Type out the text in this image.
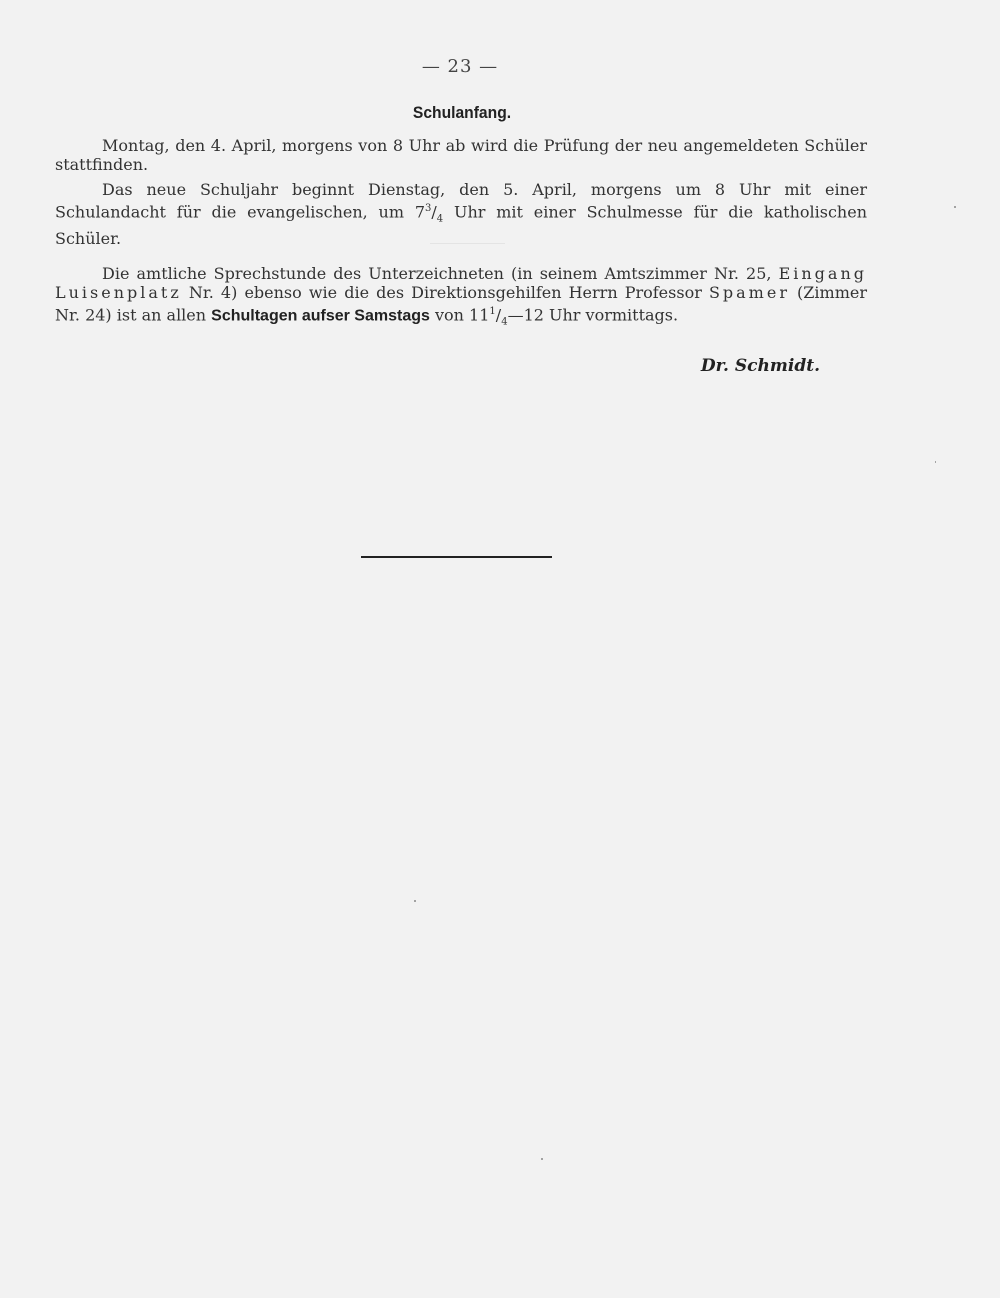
— 23 —
Schulanfang.

Montag, den 4. April, morgens von 8 Uhr ab wird die Prüfung der neu angemeldeten Schüler stattfinden.

Das neue Schuljahr beginnt Dienstag, den 5. April, morgens um 8 Uhr mit einer Schulandacht für die evangelischen, um $7^3/_4$ Uhr mit einer Schulmesse für die katholischen Schüler.

Die amtliche Sprechstunde des Unterzeichneten (in seinem Amtszimmer Nr. 25, Eingang Luisenplatz Nr. 4) ebenso wie die des Direktionsgehilfen Herrn Professor Spamer (Zimmer Nr. 24) ist an allen Schultagen aufser Samstags von $11^1/_4—12$ Uhr vormittags.

Dr. Schmidt.
